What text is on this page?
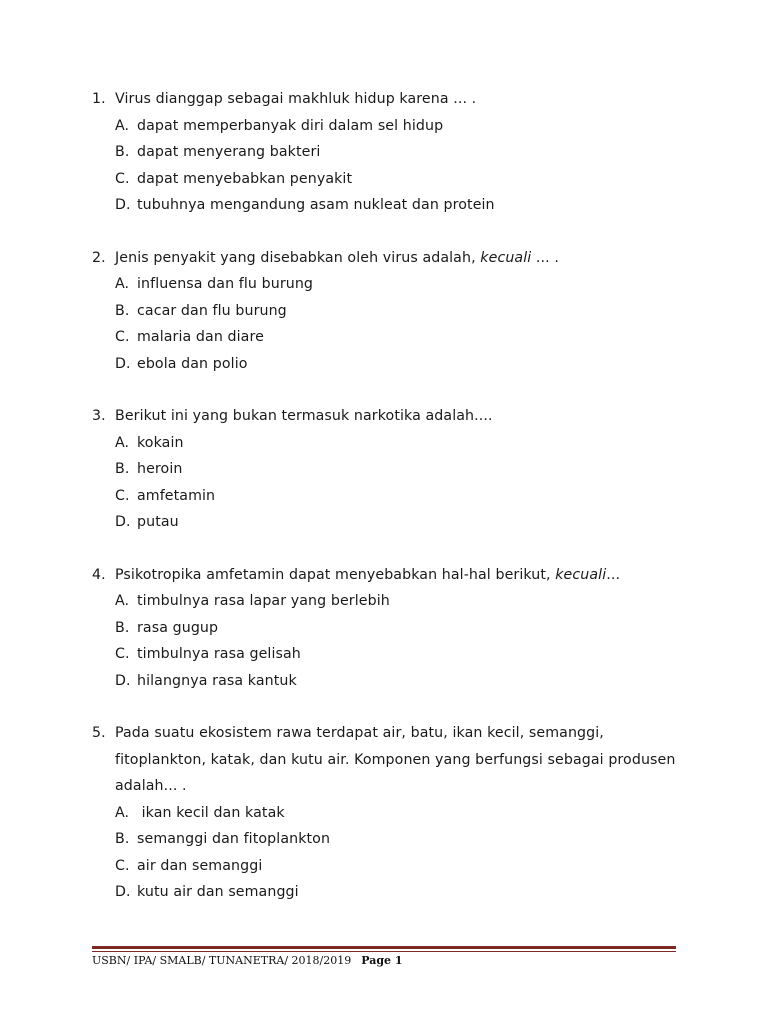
1. Virus dianggap sebagai makhluk hidup karena ... .
A. dapat memperbanyak diri dalam sel hidup
B. dapat menyerang bakteri
C. dapat menyebabkan penyakit
D. tubuhnya mengandung asam nukleat dan protein
2. Jenis penyakit yang disebabkan oleh virus adalah, kecuali ... .
A. influensa dan flu burung
B. cacar dan flu burung
C. malaria dan diare
D. ebola dan polio
3. Berikut ini yang bukan termasuk narkotika adalah....
A. kokain
B. heroin
C. amfetamin
D. putau
4. Psikotropika amfetamin dapat menyebabkan hal-hal berikut, kecuali...
A. timbulnya rasa lapar yang berlebih
B. rasa gugup
C. timbulnya rasa gelisah
D. hilangnya rasa kantuk
5. Pada suatu ekosistem rawa terdapat air, batu, ikan kecil, semanggi, fitoplankton, katak, dan kutu air. Komponen yang berfungsi sebagai produsen adalah... .
A. ikan kecil dan katak
B. semanggi dan fitoplankton
C. air dan semanggi
D. kutu air dan semanggi
USBN/ IPA/ SMALB/ TUNANETRA/ 2018/2019 Page 1
